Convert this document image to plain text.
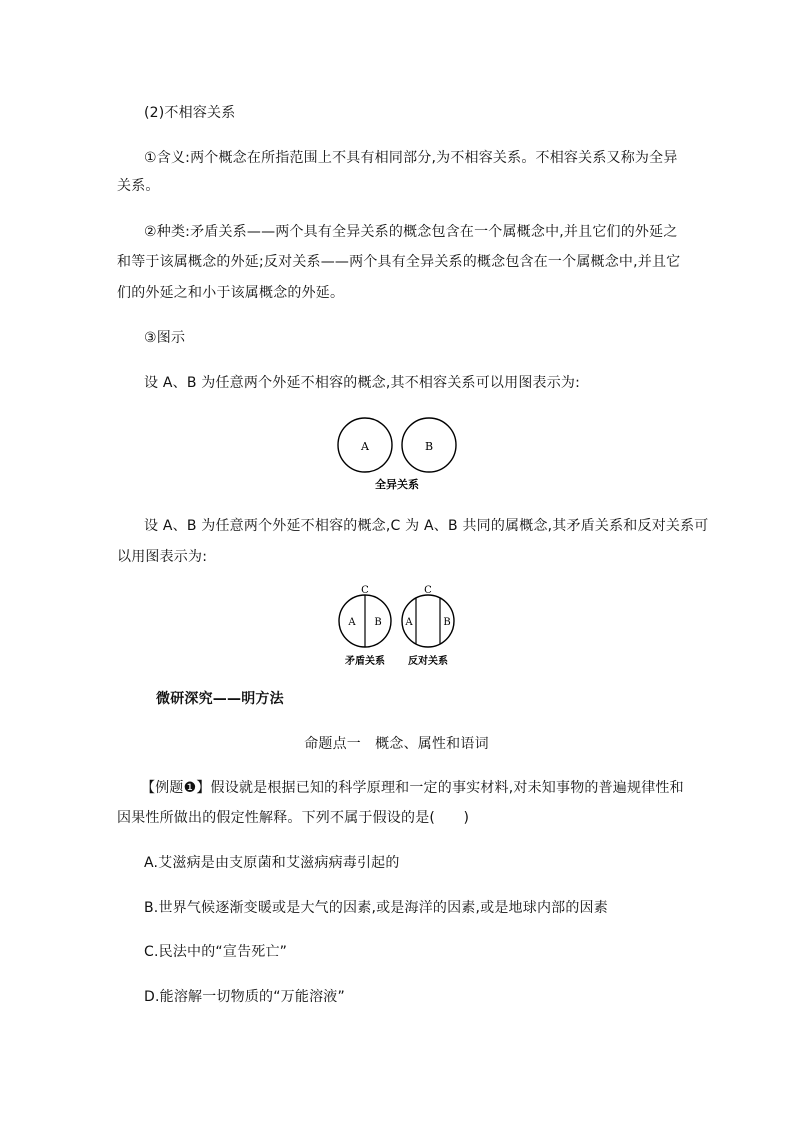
(2)不相容关系
①含义:两个概念在所指范围上不具有相同部分,为不相容关系。不相容关系又称为全异
关系。
②种类:矛盾关系——两个具有全异关系的概念包含在一个属概念中,并且它们的外延之
和等于该属概念的外延;反对关系——两个具有全异关系的概念包含在一个属概念中,并且它
们的外延之和小于该属概念的外延。
③图示
设 A、B 为任意两个外延不相容的概念,其不相容关系可以用图表示为:
A	B
全异关系
设 A、B 为任意两个外延不相容的概念,C 为 A、B 共同的属概念,其矛盾关系和反对关系可
以用图表示为:
C
A B
矛盾关系
C
A	B
反对关系
微研深究——明方法
命题点一　概念、属性和语词
【例题❶】假设就是根据已知的科学原理和一定的事实材料,对未知事物的普遍规律性和
因果性所做出的假定性解释。下列不属于假设的是(　　)
A.艾滋病是由支原菌和艾滋病病毒引起的
B.世界气候逐渐变暖或是大气的因素,或是海洋的因素,或是地球内部的因素
C.民法中的“宣告死亡”
D.能溶解一切物质的“万能溶液”
